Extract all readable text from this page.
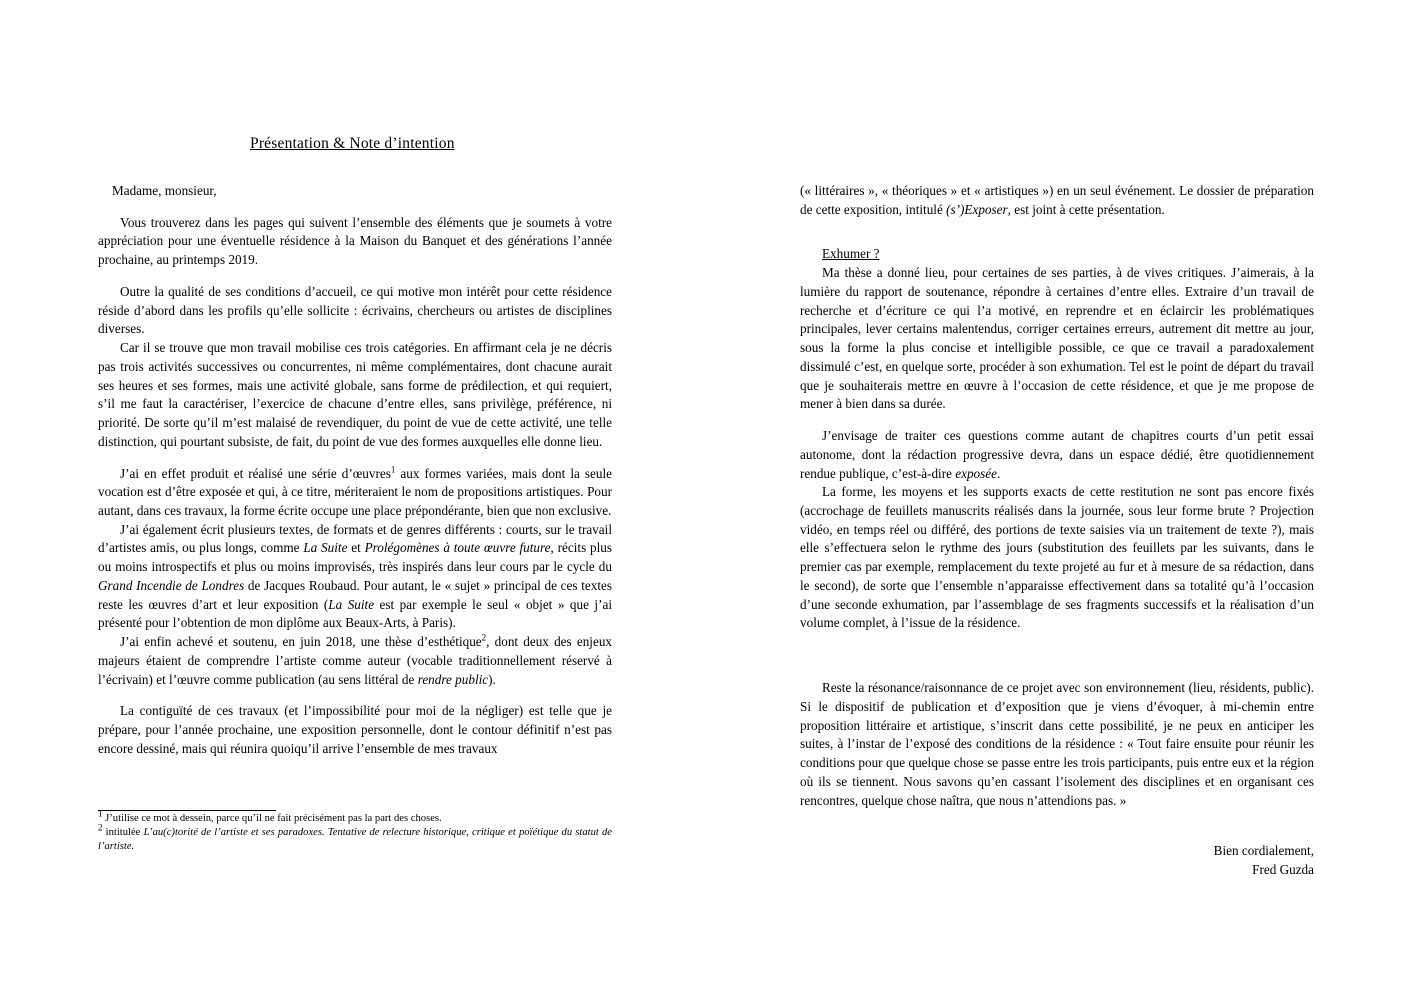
Présentation & Note d’intention

Madame, monsieur,

Vous trouverez dans les pages qui suivent l’ensemble des éléments que je soumets à votre appréciation pour une éventuelle résidence à la Maison du Banquet et des générations l’année prochaine, au printemps 2019.

Outre la qualité de ses conditions d’accueil, ce qui motive mon intérêt pour cette résidence réside d’abord dans les profils qu’elle sollicite : écrivains, chercheurs ou artistes de disciplines diverses.

Car il se trouve que mon travail mobilise ces trois catégories. En affirmant cela je ne décris pas trois activités successives ou concurrentes, ni même complémentaires, dont chacune aurait ses heures et ses formes, mais une activité globale, sans forme de prédilection, et qui requiert, s’il me faut la caractériser, l’exercice de chacune d’entre elles, sans privilège, préférence, ni priorité. De sorte qu’il m’est malaisé de revendiquer, du point de vue de cette activité, une telle distinction, qui pourtant subsiste, de fait, du point de vue des formes auxquelles elle donne lieu.

J’ai en effet produit et réalisé une série d’œuvres$^1$ aux formes variées, mais dont la seule vocation est d’être exposée et qui, à ce titre, mériteraient le nom de propositions artistiques. Pour autant, dans ces travaux, la forme écrite occupe une place prépondérante, bien que non exclusive.

J’ai également écrit plusieurs textes, de formats et de genres différents : courts, sur le travail d’artistes amis, ou plus longs, comme La Suite et Prolégomènes à toute œuvre future, récits plus ou moins introspectifs et plus ou moins improvisés, très inspirés dans leur cours par le cycle du Grand Incendie de Londres de Jacques Roubaud. Pour autant, le « sujet » principal de ces textes reste les œuvres d’art et leur exposition (La Suite est par exemple le seul « objet » que j’ai présenté pour l’obtention de mon diplôme aux Beaux-Arts, à Paris).

J’ai enfin achevé et soutenu, en juin 2018, une thèse d’esthétique$^2$, dont deux des enjeux majeurs étaient de comprendre l’artiste comme auteur (vocable traditionnellement réservé à l’écrivain) et l’œuvre comme publication (au sens littéral de rendre public).

La contiguïté de ces travaux (et l’impossibilité pour moi de la négliger) est telle que je prépare, pour l’année prochaine, une exposition personnelle, dont le contour définitif n’est pas encore dessiné, mais qui réunira quoiqu’il arrive l’ensemble de mes travaux

$^1$ J’utilise ce mot à dessein, parce qu’il ne fait précisément pas la part des choses.

$^2$ intitulée L’au(c)torité de l’artiste et ses paradoxes. Tentative de relecture historique, critique et poïétique du statut de l’artiste.

(« littéraires », « théoriques » et « artistiques ») en un seul événement. Le dossier de préparation de cette exposition, intitulé (s’)Exposer, est joint à cette présentation.

Exhumer ?

Ma thèse a donné lieu, pour certaines de ses parties, à de vives critiques. J’aimerais, à la lumière du rapport de soutenance, répondre à certaines d’entre elles. Extraire d’un travail de recherche et d’écriture ce qui l’a motivé, en reprendre et en éclaircir les problématiques principales, lever certains malentendus, corriger certaines erreurs, autrement dit mettre au jour, sous la forme la plus concise et intelligible possible, ce que ce travail a paradoxalement dissimulé c’est, en quelque sorte, procéder à son exhumation. Tel est le point de départ du travail que je souhaiterais mettre en œuvre à l’occasion de cette résidence, et que je me propose de mener à bien dans sa durée.

J’envisage de traiter ces questions comme autant de chapitres courts d’un petit essai autonome, dont la rédaction progressive devra, dans un espace dédié, être quotidiennement rendue publique, c’est-à-dire exposée.

La forme, les moyens et les supports exacts de cette restitution ne sont pas encore fixés (accrochage de feuillets manuscrits réalisés dans la journée, sous leur forme brute ? Projection vidéo, en temps réel ou différé, des portions de texte saisies via un traitement de texte ?), mais elle s’effectuera selon le rythme des jours (substitution des feuillets par les suivants, dans le premier cas par exemple, remplacement du texte projeté au fur et à mesure de sa rédaction, dans le second), de sorte que l’ensemble n’apparaisse effectivement dans sa totalité qu’à l’occasion d’une seconde exhumation, par l’assemblage de ses fragments successifs et la réalisation d’un volume complet, à l’issue de la résidence.

Reste la résonance/raisonnance de ce projet avec son environnement (lieu, résidents, public). Si le dispositif de publication et d’exposition que je viens d’évoquer, à mi-chemin entre proposition littéraire et artistique, s’inscrit dans cette possibilité, je ne peux en anticiper les suites, à l’instar de l’exposé des conditions de la résidence : « Tout faire ensuite pour réunir les conditions pour que quelque chose se passe entre les trois participants, puis entre eux et la région où ils se tiennent. Nous savons qu’en cassant l’isolement des disciplines et en organisant ces rencontres, quelque chose naîtra, que nous n’attendions pas. »

Bien cordialement,
Fred Guzda
